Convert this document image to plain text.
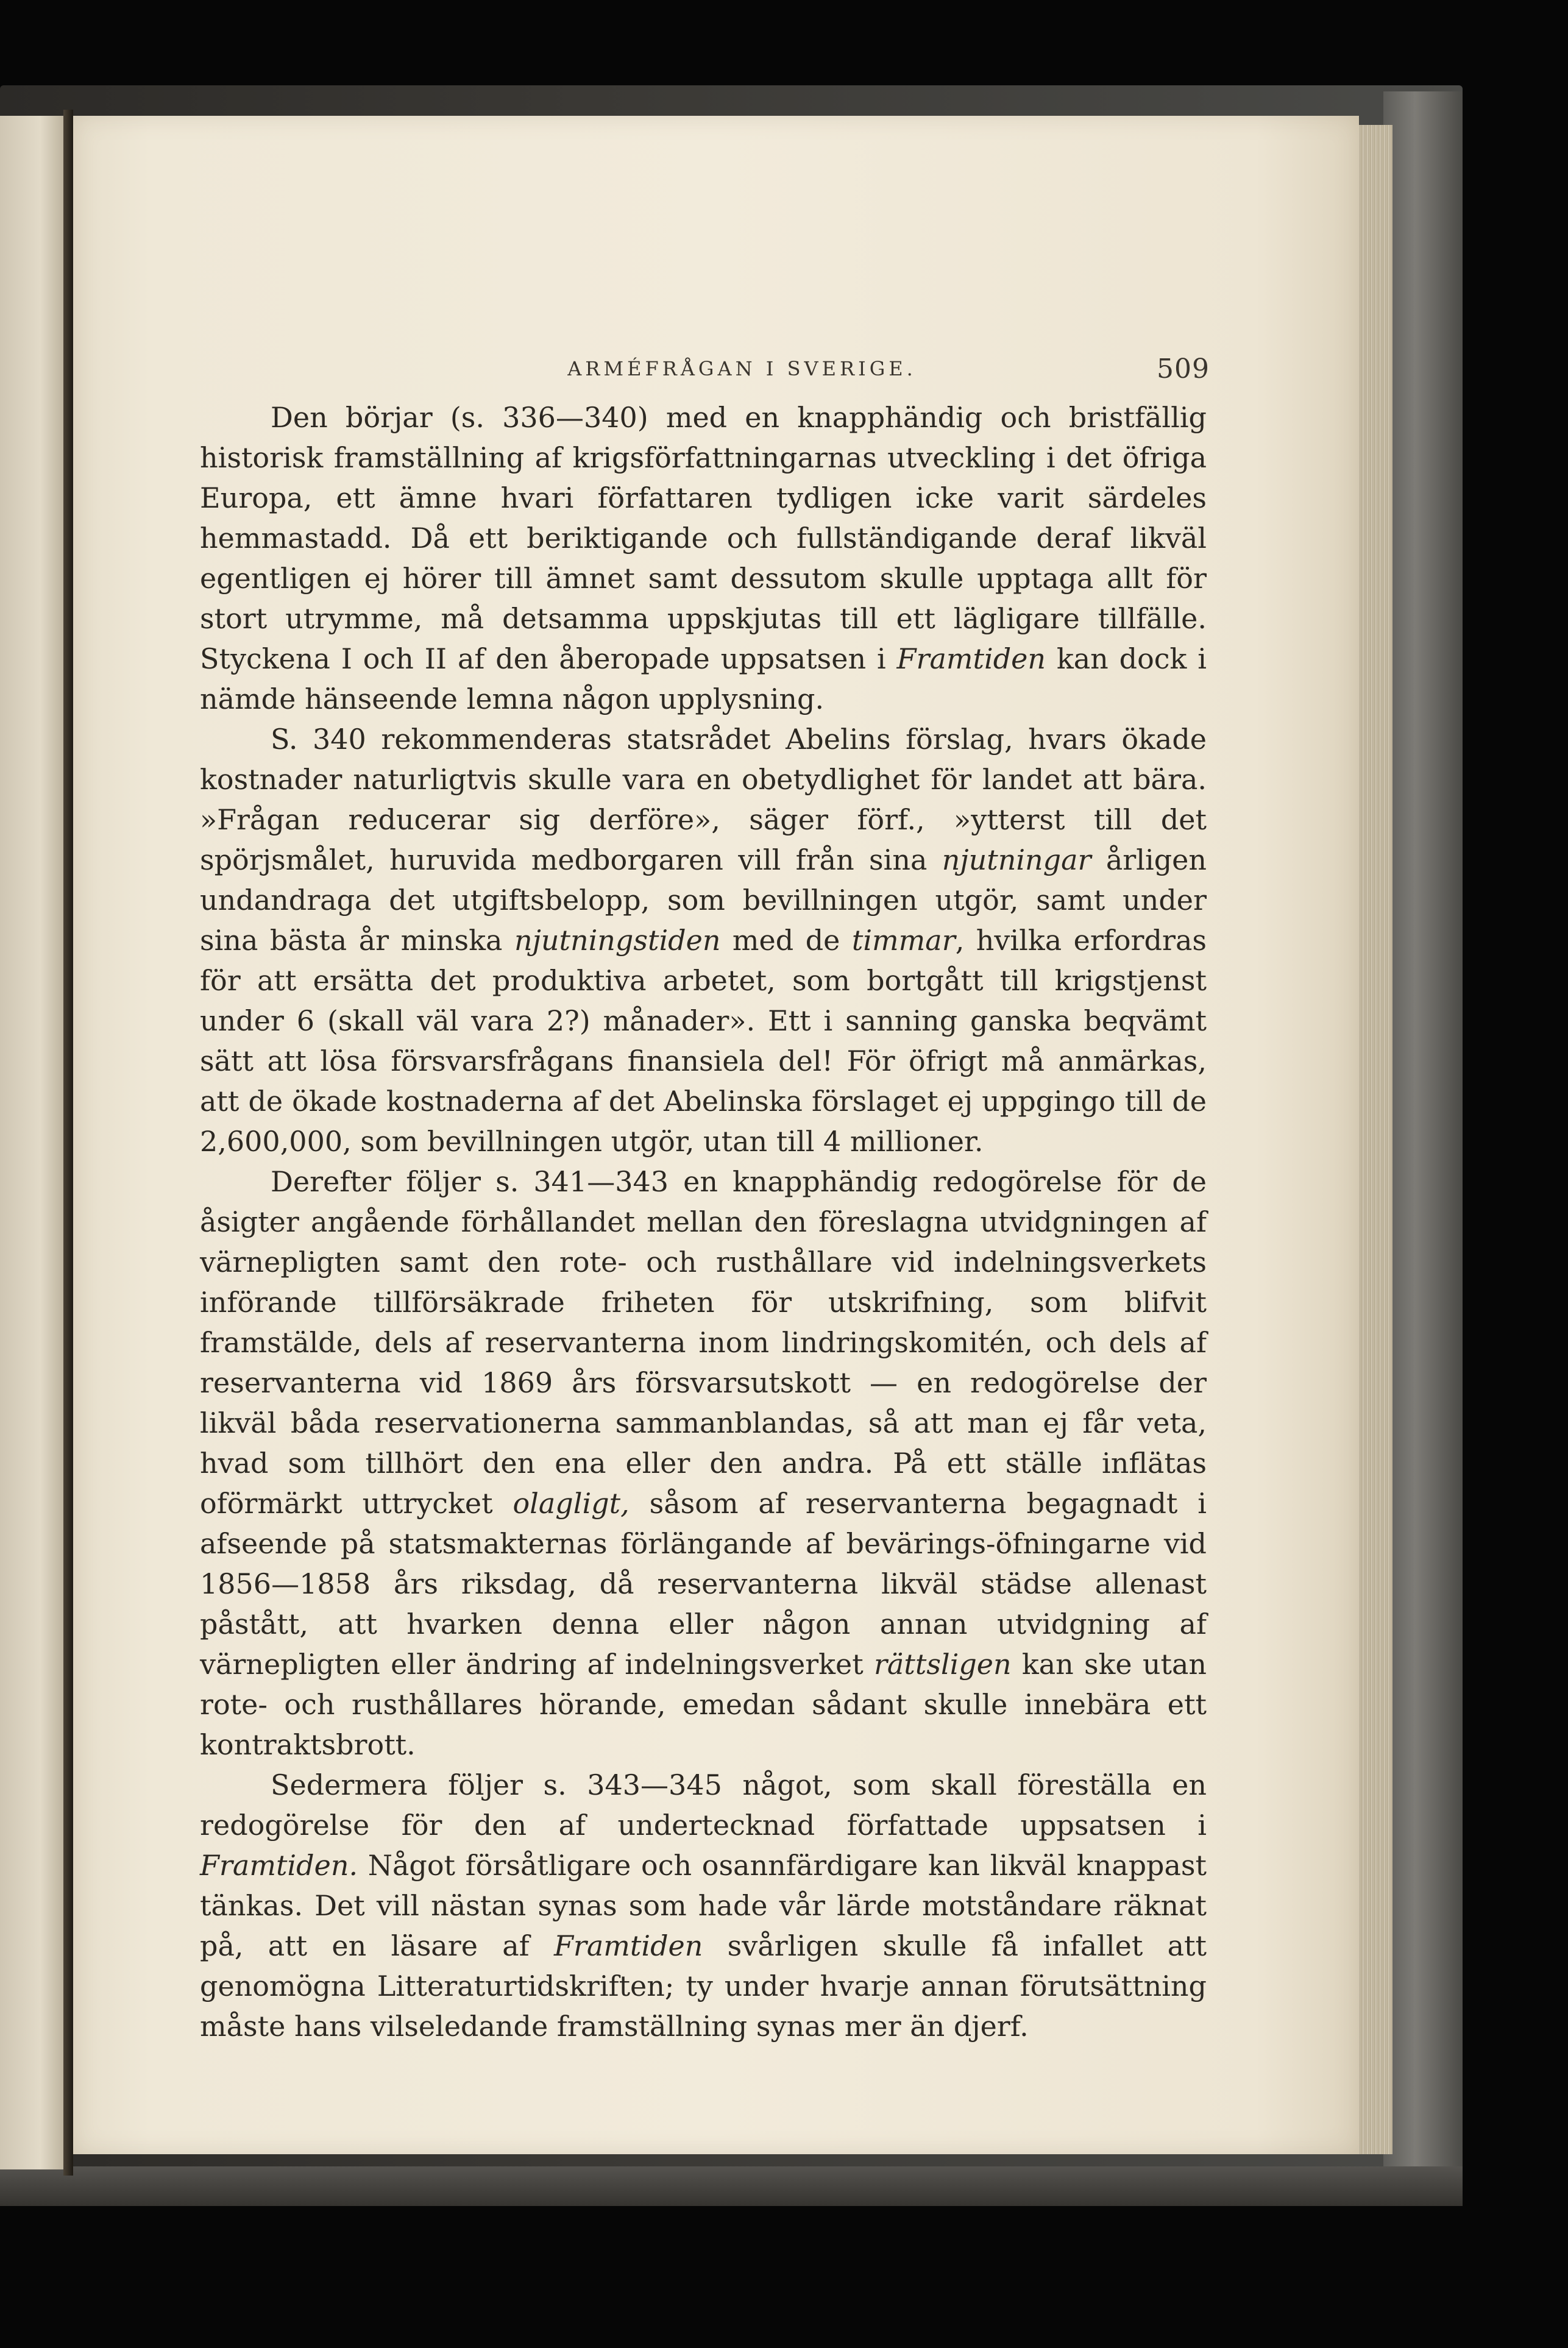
ARMÉFRÅGAN I SVERIGE.	509

Den börjar (s. 336—340) med en knapphändig och bristfällig historisk framställning af krigsförfattningarnas utveckling i det öfriga Europa, ett ämne hvari författaren tydligen icke varit särdeles hemmastadd. Då ett beriktigande och fullständigande deraf likväl egentligen ej hörer till ämnet samt dessutom skulle upptaga allt för stort utrymme, må detsamma uppskjutas till ett lägligare tillfälle. Styckena I och II af den åberopade uppsatsen i Framtiden kan dock i nämde hänseende lemna någon upplysning.

S. 340 rekommenderas statsrådet Abelins förslag, hvars ökade kostnader naturligtvis skulle vara en obetydlighet för landet att bära. »Frågan reducerar sig derföre», säger förf., »ytterst till det spörjsmålet, huruvida medborgaren vill från sina njutningar årligen undandraga det utgiftsbelopp, som bevillningen utgör, samt under sina bästa år minska njutningstiden med de timmar, hvilka erfordras för att ersätta det produktiva arbetet, som bortgått till krigstjenst under 6 (skall väl vara 2?) månader». Ett i sanning ganska beqvämt sätt att lösa försvarsfrågans finansiela del! För öfrigt må anmärkas, att de ökade kostnaderna af det Abelinska förslaget ej uppgingo till de 2,600,000, som bevillningen utgör, utan till 4 millioner.

Derefter följer s. 341—343 en knapphändig redogörelse för de åsigter angående förhållandet mellan den föreslagna utvidgningen af värnepligten samt den rote- och rusthållare vid indelningsverkets införande tillförsäkrade friheten för utskrifning, som blifvit framstälde, dels af reservanterna inom lindringskomitén, och dels af reservanterna vid 1869 års försvarsutskott — en redogörelse der likväl båda reservationerna sammanblandas, så att man ej får veta, hvad som tillhört den ena eller den andra. På ett ställe inflätas oförmärkt uttrycket olagligt, såsom af reservanterna begagnadt i afseende på statsmakternas förlängande af bevärings-öfningarne vid 1856—1858 års riksdag, då reservanterna likväl städse allenast påstått, att hvarken denna eller någon annan utvidgning af värnepligten eller ändring af indelningsverket rättsligen kan ske utan rote- och rusthållares hörande, emedan sådant skulle innebära ett kontraktsbrott.

Sedermera följer s. 343—345 något, som skall föreställa en redogörelse för den af undertecknad författade uppsatsen i Framtiden. Något försåtligare och osannfärdigare kan likväl knappast tänkas. Det vill nästan synas som hade vår lärde motståndare räknat på, att en läsare af Framtiden svårligen skulle få infallet att genomögna Litteraturtidskriften; ty under hvarje annan förutsättning måste hans vilseledande framställning synas mer än djerf.
